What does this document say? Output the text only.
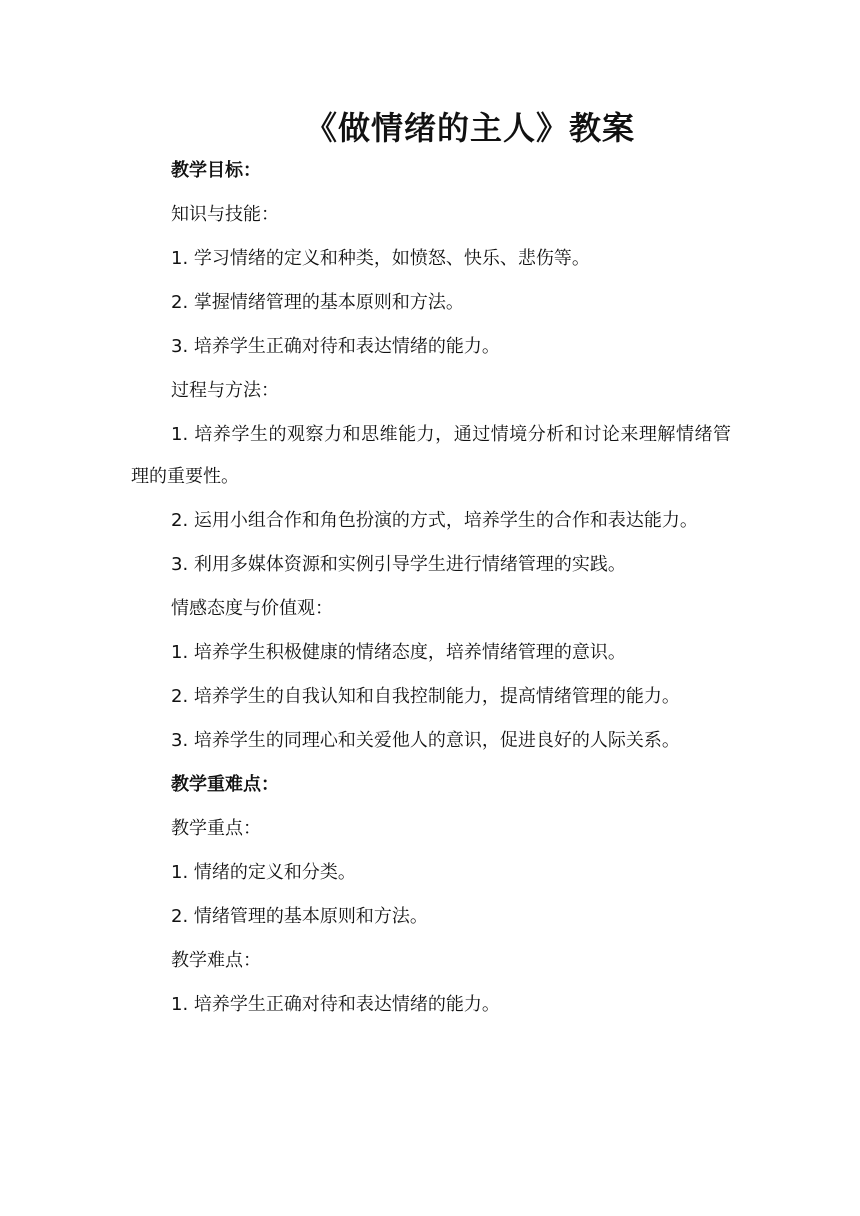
《做情绪的主人》教案
教学目标：
知识与技能：

1. 学习情绪的定义和种类，如愤怒、快乐、悲伤等。

2. 掌握情绪管理的基本原则和方法。

3. 培养学生正确对待和表达情绪的能力。

过程与方法：

1. 培养学生的观察力和思维能力，通过情境分析和讨论来理解情绪管理的重要性。

2. 运用小组合作和角色扮演的方式，培养学生的合作和表达能力。

3. 利用多媒体资源和实例引导学生进行情绪管理的实践。

情感态度与价值观：

1. 培养学生积极健康的情绪态度，培养情绪管理的意识。

2. 培养学生的自我认知和自我控制能力，提高情绪管理的能力。

3. 培养学生的同理心和关爱他人的意识，促进良好的人际关系。

教学重难点：
教学重点：

1. 情绪的定义和分类。

2. 情绪管理的基本原则和方法。

教学难点：

1. 培养学生正确对待和表达情绪的能力。
